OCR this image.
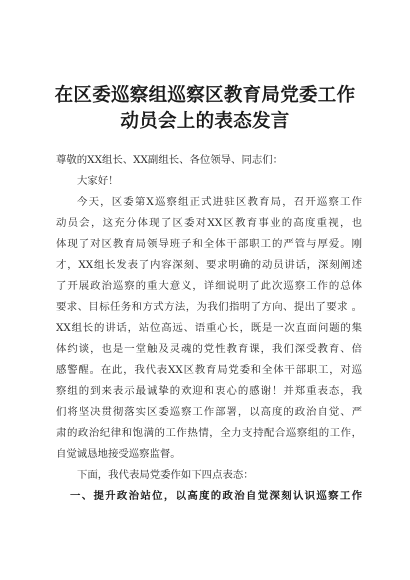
在区委巡察组巡察区教育局党委工作
动员会上的表态发言
尊敬的XX组长、XX副组长、各位领导、同志们：
大家好！
今天，区委第X巡察组正式进驻区教育局，召开巡察工作
动员会，这充分体现了区委对XX区教育事业的高度重视，也
体现了对区教育局领导班子和全体干部职工的严管与厚爱。刚
才，XX组长发表了内容深刻、要求明确的动员讲话，深刻阐述
了开展政治巡察的重大意义，详细说明了此次巡察工作的总体
要求、目标任务和方式方法，为我们指明了方向、提出了要求 。
XX组长的讲话，站位高远、语重心长，既是一次直面问题的集
体约谈，也是一堂触及灵魂的党性教育课，我们深受教育、倍
感警醒。在此，我代表XX区教育局党委和全体干部职工，对巡
察组的到来表示最诚挚的欢迎和衷心的感谢！并郑重表态，我
们将坚决贯彻落实区委巡察工作部署，以高度的政治自觉、严
肃的政治纪律和饱满的工作热情，全力支持配合巡察组的工作，
自觉诚恳地接受巡察监督。
下面，我代表局党委作如下四点表态：
一、提升政治站位，以高度的政治自觉深刻认识巡察工作
